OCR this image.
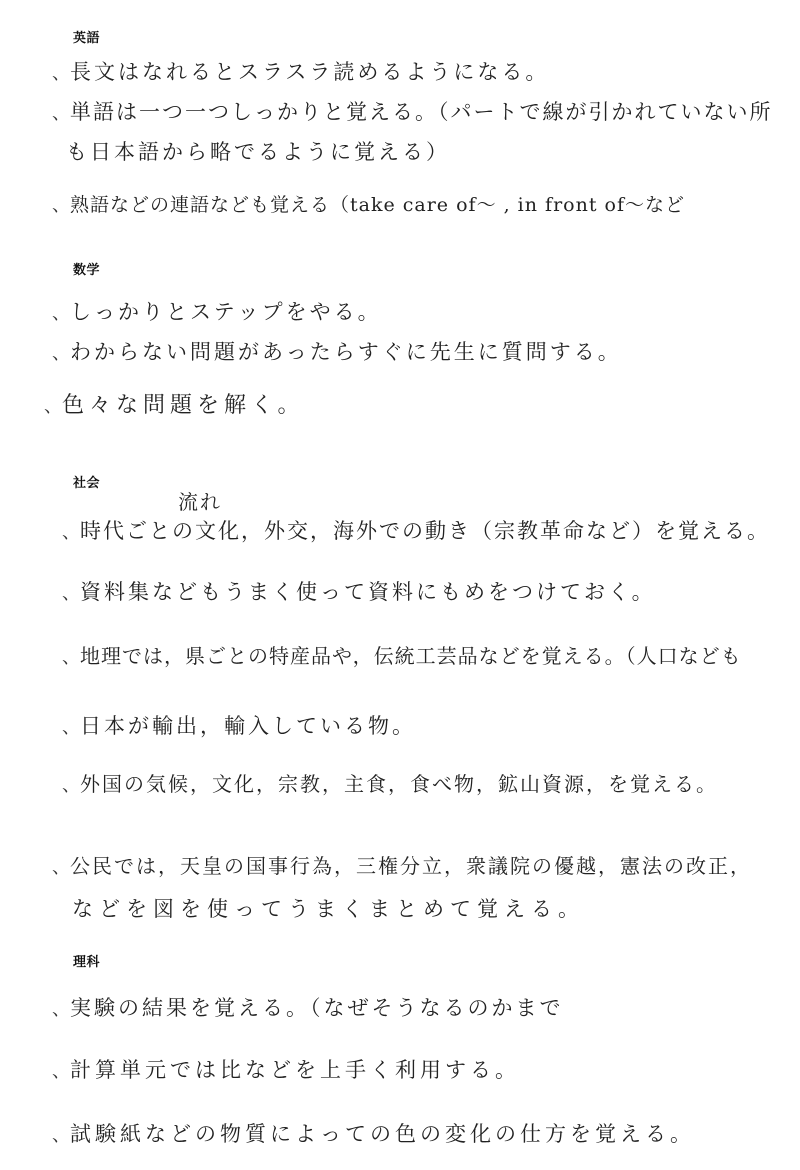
英語
、長文はなれるとスラスラ読めるようになる。
、単語は一つ一つしっかりと覚える。（パートで線が引かれていない所
も日本語から略でるように覚える）
、熟語などの連語なども覚える（take care of～ , in front of～など
数学
、しっかりとステップをやる。
、わからない問題があったらすぐに先生に質問する。
、色々な問題を解く。
社会
流れ
、時代ごとの文化，外交，海外での動き（宗教革命など）を覚える。
、資料集などもうまく使って資料にもめをつけておく。
、地理では，県ごとの特産品や，伝統工芸品などを覚える。（人口なども
、日本が輸出，輸入している物。
、外国の気候，文化，宗教，主食，食べ物，鉱山資源，を覚える。
、公民では，天皇の国事行為，三権分立，衆議院の優越，憲法の改正，
などを図を使ってうまくまとめて覚える。
理科
、実験の結果を覚える。（なぜそうなるのかまで
、計算単元では比などを上手く利用する。
、試験紙などの物質によっての色の変化の仕方を覚える。
